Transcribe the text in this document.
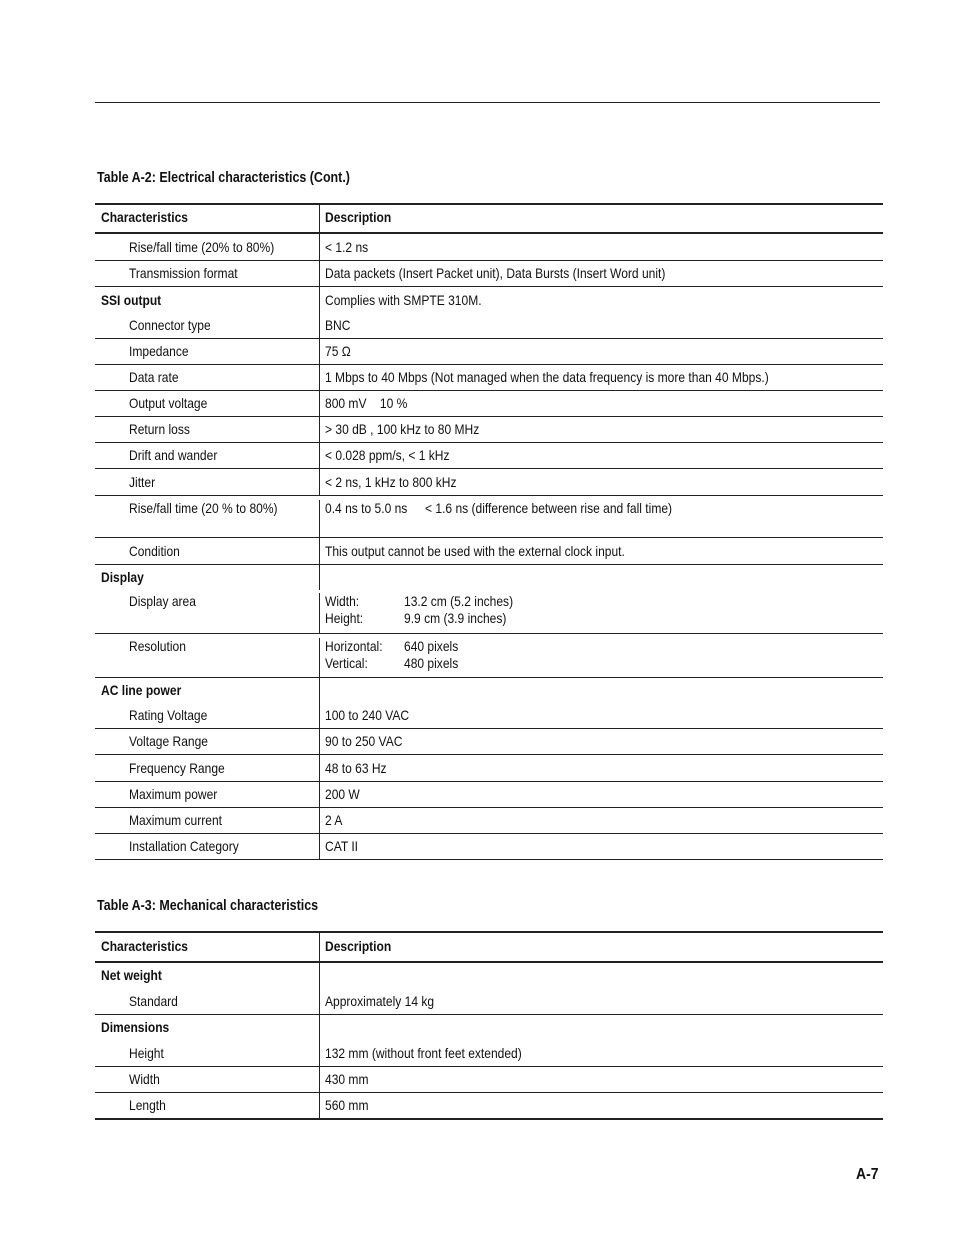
Table A-2: Electrical characteristics (Cont.)
Characteristics	Description
Rise/fall time (20% to 80%)	< 1.2 ns
Transmission format	Data packets (Insert Packet unit), Data Bursts (Insert Word unit)
SSI output	Complies with SMPTE 310M.
Connector type	BNC
Impedance	75 Ω
Data rate	1 Mbps to 40 Mbps (Not managed when the data frequency is more than 40 Mbps.)
Output voltage	800 mV    10 %
Return loss	> 30 dB , 100 kHz to 80 MHz
Drift and wander	< 0.028 ppm/s, < 1 kHz
Jitter	< 2 ns, 1 kHz to 800 kHz
Rise/fall time (20 % to 80%)	0.4 ns to 5.0 ns < 1.6 ns (difference between rise and fall time)
Condition	This output cannot be used with the external clock input.
Display
Display area	Width:	13.2 cm (5.2 inches)
Height:	9.9 cm (3.9 inches)
Resolution	Horizontal:	640 pixels
Vertical:	480 pixels
AC line power
Rating Voltage	100 to 240 VAC
Voltage Range	90 to 250 VAC
Frequency Range	48 to 63 Hz
Maximum power	200 W
Maximum current	2 A
Installation Category	CAT II
Table A-3: Mechanical characteristics
Characteristics	Description
Net weight
Standard	Approximately 14 kg
Dimensions
Height	132 mm (without front feet extended)
Width	430 mm
Length	560 mm
A-7
